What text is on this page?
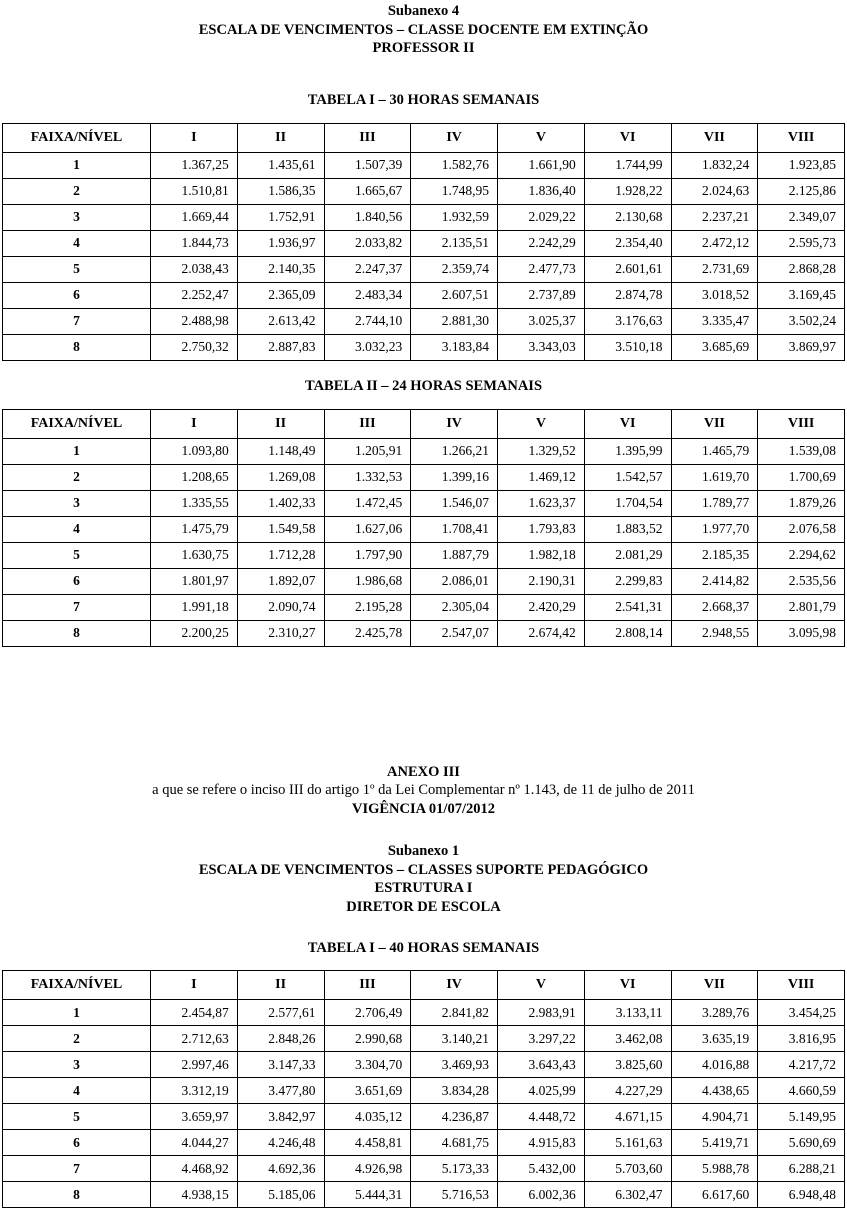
Subanexo 4

ESCALA DE VENCIMENTOS – CLASSE DOCENTE EM EXTINÇÃO

PROFESSOR II

TABELA I – 30 HORAS SEMANAIS

FAIXA/NÍVEL	I	II	III	IV	V	VI	VII	VIII
1	1.367,25	1.435,61	1.507,39	1.582,76	1.661,90	1.744,99	1.832,24	1.923,85
2	1.510,81	1.586,35	1.665,67	1.748,95	1.836,40	1.928,22	2.024,63	2.125,86
3	1.669,44	1.752,91	1.840,56	1.932,59	2.029,22	2.130,68	2.237,21	2.349,07
4	1.844,73	1.936,97	2.033,82	2.135,51	2.242,29	2.354,40	2.472,12	2.595,73
5	2.038,43	2.140,35	2.247,37	2.359,74	2.477,73	2.601,61	2.731,69	2.868,28
6	2.252,47	2.365,09	2.483,34	2.607,51	2.737,89	2.874,78	3.018,52	3.169,45
7	2.488,98	2.613,42	2.744,10	2.881,30	3.025,37	3.176,63	3.335,47	3.502,24
8	2.750,32	2.887,83	3.032,23	3.183,84	3.343,03	3.510,18	3.685,69	3.869,97

TABELA II – 24 HORAS SEMANAIS

FAIXA/NÍVEL	I	II	III	IV	V	VI	VII	VIII
1	1.093,80	1.148,49	1.205,91	1.266,21	1.329,52	1.395,99	1.465,79	1.539,08
2	1.208,65	1.269,08	1.332,53	1.399,16	1.469,12	1.542,57	1.619,70	1.700,69
3	1.335,55	1.402,33	1.472,45	1.546,07	1.623,37	1.704,54	1.789,77	1.879,26
4	1.475,79	1.549,58	1.627,06	1.708,41	1.793,83	1.883,52	1.977,70	2.076,58
5	1.630,75	1.712,28	1.797,90	1.887,79	1.982,18	2.081,29	2.185,35	2.294,62
6	1.801,97	1.892,07	1.986,68	2.086,01	2.190,31	2.299,83	2.414,82	2.535,56
7	1.991,18	2.090,74	2.195,28	2.305,04	2.420,29	2.541,31	2.668,37	2.801,79
8	2.200,25	2.310,27	2.425,78	2.547,07	2.674,42	2.808,14	2.948,55	3.095,98

ANEXO III

a que se refere o inciso III do artigo 1º da Lei Complementar nº 1.143, de 11 de julho de 2011

VIGÊNCIA 01/07/2012

Subanexo 1

ESCALA DE VENCIMENTOS – CLASSES SUPORTE PEDAGÓGICO

ESTRUTURA I

DIRETOR DE ESCOLA

TABELA I – 40 HORAS SEMANAIS

FAIXA/NÍVEL	I	II	III	IV	V	VI	VII	VIII
1	2.454,87	2.577,61	2.706,49	2.841,82	2.983,91	3.133,11	3.289,76	3.454,25
2	2.712,63	2.848,26	2.990,68	3.140,21	3.297,22	3.462,08	3.635,19	3.816,95
3	2.997,46	3.147,33	3.304,70	3.469,93	3.643,43	3.825,60	4.016,88	4.217,72
4	3.312,19	3.477,80	3.651,69	3.834,28	4.025,99	4.227,29	4.438,65	4.660,59
5	3.659,97	3.842,97	4.035,12	4.236,87	4.448,72	4.671,15	4.904,71	5.149,95
6	4.044,27	4.246,48	4.458,81	4.681,75	4.915,83	5.161,63	5.419,71	5.690,69
7	4.468,92	4.692,36	4.926,98	5.173,33	5.432,00	5.703,60	5.988,78	6.288,21
8	4.938,15	5.185,06	5.444,31	5.716,53	6.002,36	6.302,47	6.617,60	6.948,48
